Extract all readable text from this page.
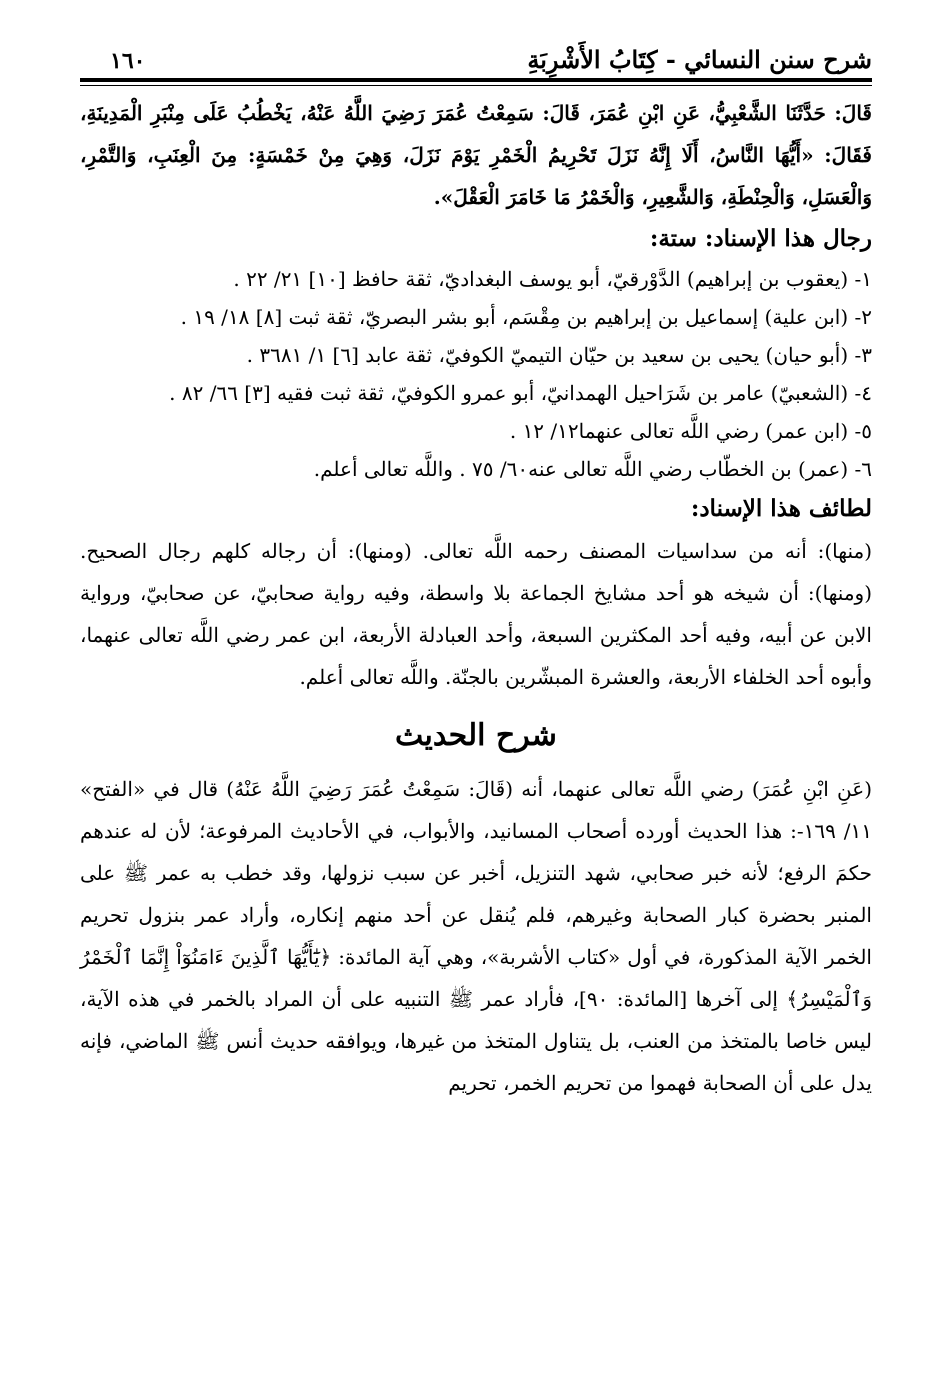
شرح سنن النسائي - كِتَابُ الأَشْرِبَةِ
١٦٠

قَالَ: حَدَّثَنَا الشَّعْبِيُّ، عَنِ ابْنِ عُمَرَ، قَالَ: سَمِعْتُ عُمَرَ رَضِيَ اللَّهُ عَنْهُ، يَخْطُبُ عَلَى مِنْبَرِ الْمَدِينَةِ، فَقَالَ: «أَيُّهَا النَّاسُ، أَلَا إِنَّهُ نَزَلَ تَحْرِيمُ الْخَمْرِ يَوْمَ نَزَلَ، وَهِيَ مِنْ خَمْسَةٍ: مِنَ الْعِنَبِ، وَالتَّمْرِ، وَالْعَسَلِ، وَالْحِنْطَةِ، وَالشَّعِيرِ، وَالْخَمْرُ مَا خَامَرَ الْعَقْلَ».

رجال هذا الإسناد: ستة:

١- (يعقوب بن إبراهيم) الدَّوْرقيّ، أبو يوسف البغداديّ، ثقة حافظ [١٠] ٢١/ ٢٢ .

٢- (ابن علية) إسماعيل بن إبراهيم بن مِقْسَم، أبو بشر البصريّ، ثقة ثبت [٨] ١٨/ ١٩ .

٣- (أبو حيان) يحيى بن سعيد بن حيّان التيميّ الكوفيّ، ثقة عابد [٦] ١/ ٣٦٨١ .

٤- (الشعبيّ) عامر بن شَرَاحيل الهمدانيّ، أبو عمرو الكوفيّ، ثقة ثبت فقيه [٣] ٦٦/ ٨٢ .

٥- (ابن عمر) رضي اللَّه تعالى عنهما١٢/ ١٢ .

٦- (عمر) بن الخطّاب رضي اللَّه تعالى عنه٦٠/ ٧٥ . واللَّه تعالى أعلم.

لطائف هذا الإسناد:

(منها): أنه من سداسيات المصنف رحمه اللَّه تعالى. (ومنها): أن رجاله كلهم رجال الصحيح. (ومنها): أن شيخه هو أحد مشايخ الجماعة بلا واسطة، وفيه رواية صحابيّ، عن صحابيّ، ورواية الابن عن أبيه، وفيه أحد المكثرين السبعة، وأحد العبادلة الأربعة، ابن عمر رضي اللَّه تعالى عنهما، وأبوه أحد الخلفاء الأربعة، والعشرة المبشّرين بالجنّة. واللَّه تعالى أعلم.

شرح الحديث

(عَنِ ابْنِ عُمَرَ) رضي اللَّه تعالى عنهما، أنه (قَالَ: سَمِعْتُ عُمَرَ رَضِيَ اللَّهُ عَنْهُ) قال في «الفتح» ١١/ ١٦٩-: هذا الحديث أورده أصحاب المسانيد، والأبواب، في الأحاديث المرفوعة؛ لأن له عندهم حكمَ الرفع؛ لأنه خبر صحابي، شهد التنزيل، أخبر عن سبب نزولها، وقد خطب به عمر ﷺ على المنبر بحضرة كبار الصحابة وغيرهم، فلم يُنقل عن أحد منهم إنكاره، وأراد عمر بنزول تحريم الخمر الآية المذكورة، في أول «كتاب الأشربة»، وهي آية المائدة: ﴿يَٰٓأَيُّهَا ٱلَّذِينَ ءَامَنُوٓاْ إِنَّمَا ٱلْخَمْرُ وَٱلْمَيْسِرُ﴾ إلى آخرها [المائدة: ٩٠]، فأراد عمر ﷺ التنبيه على أن المراد بالخمر في هذه الآية، ليس خاصا بالمتخذ من العنب، بل يتناول المتخذ من غيرها، ويوافقه حديث أنس ﷺ الماضي، فإنه يدل على أن الصحابة فهموا من تحريم الخمر، تحريم
